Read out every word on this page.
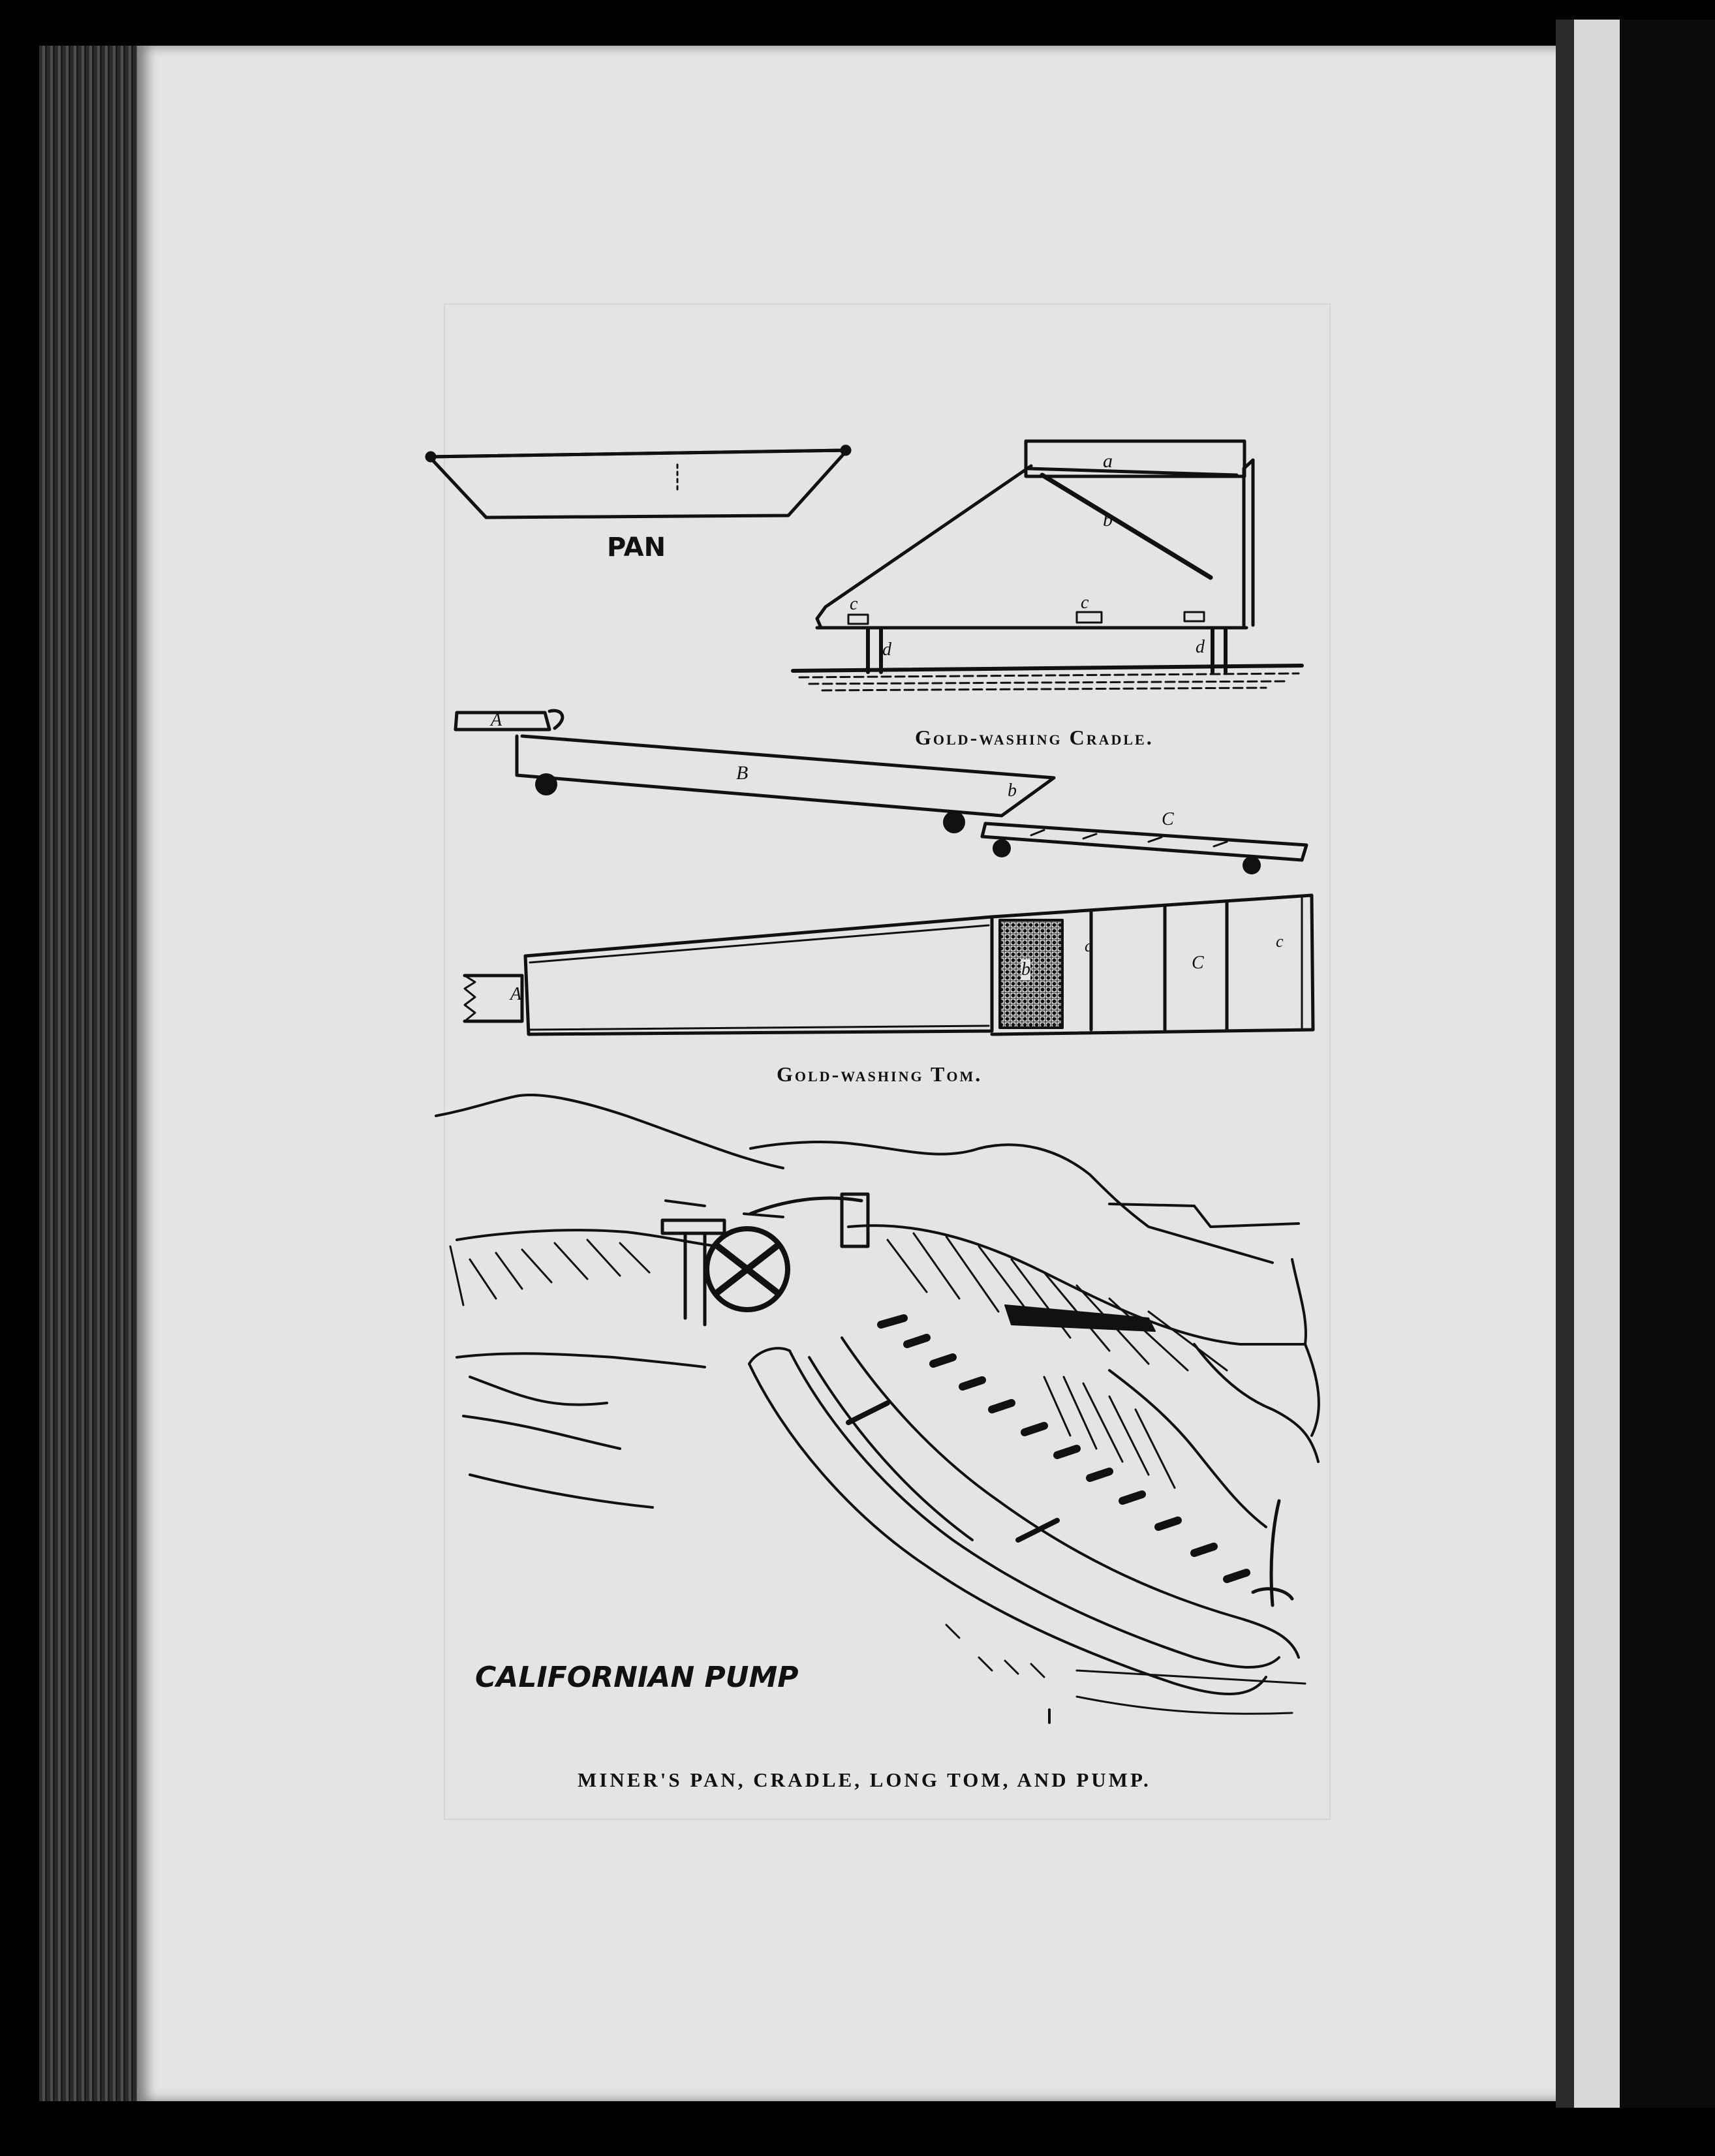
PAN
a
b
c	c
d	d
Gold-washing Cradle.
A
B
b
C
A
b
c
C
c
Gold-washing Tom.
CALIFORNIAN PUMP
MINER'S PAN, CRADLE, LONG TOM, AND PUMP.
